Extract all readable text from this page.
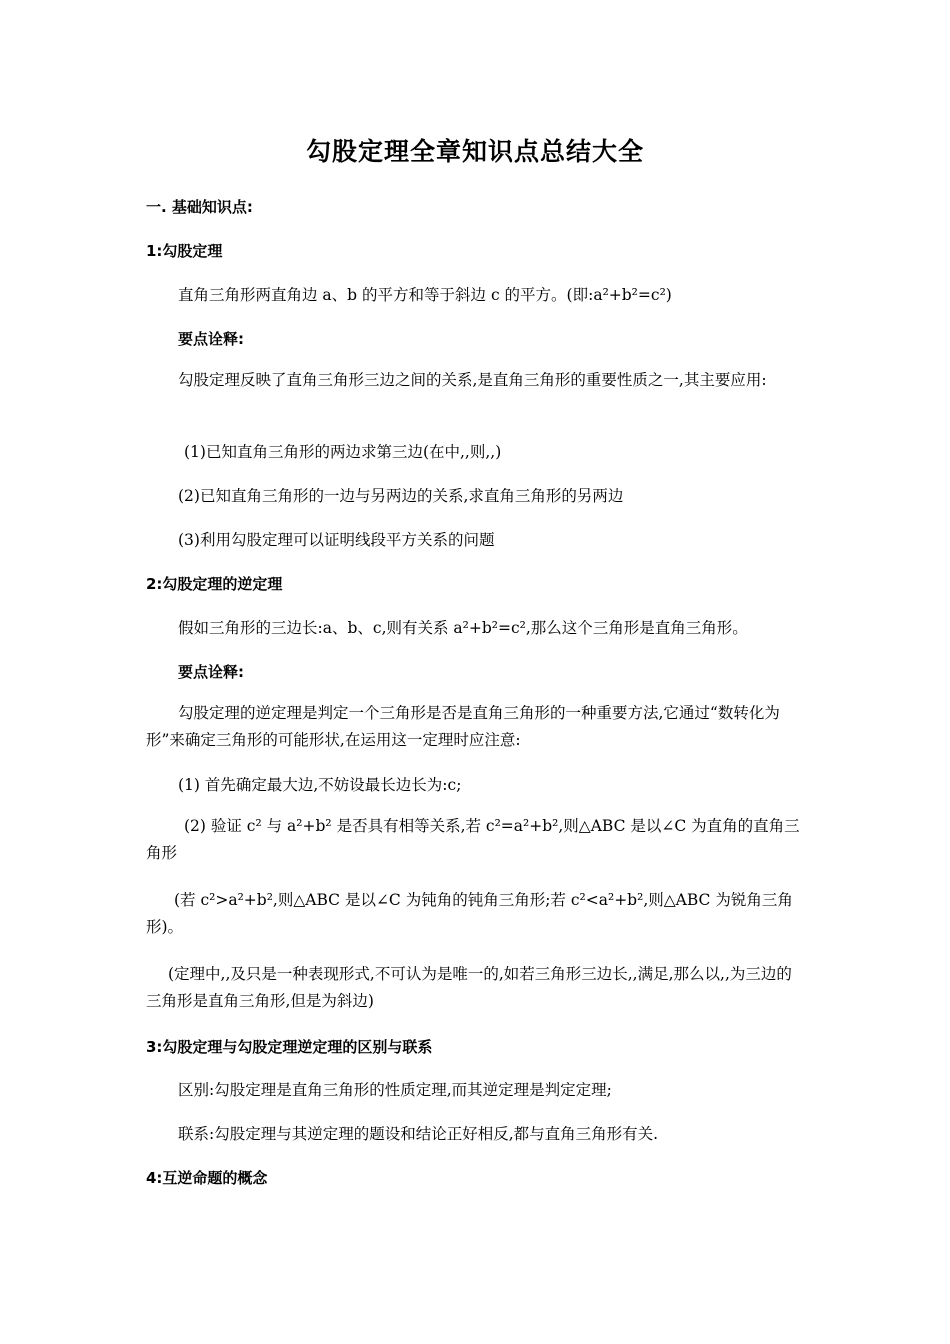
勾股定理全章知识点总结大全
一. 基础知识点:
1:勾股定理
直角三角形两直角边 a、b 的平方和等于斜边 c 的平方。(即:a²+b²=c²)
要点诠释:
勾股定理反映了直角三角形三边之间的关系,是直角三角形的重要性质之一,其主要应用:
(1)已知直角三角形的两边求第三边(在中,,则,,)
(2)已知直角三角形的一边与另两边的关系,求直角三角形的另两边
(3)利用勾股定理可以证明线段平方关系的问题
2:勾股定理的逆定理
假如三角形的三边长:a、b、c,则有关系 a²+b²=c²,那么这个三角形是直角三角形。
要点诠释:
勾股定理的逆定理是判定一个三角形是否是直角三角形的一种重要方法,它通过“数转化为形”来确定三角形的可能形状,在运用这一定理时应注意:
(1) 首先确定最大边,不妨设最长边长为:c;
(2) 验证 c² 与 a²+b² 是否具有相等关系,若 c²=a²+b²,则△ABC 是以∠C 为直角的直角三角形
(若 c²>a²+b²,则△ABC 是以∠C 为钝角的钝角三角形;若 c²<a²+b²,则△ABC 为锐角三角形)。
(定理中,,及只是一种表现形式,不可认为是唯一的,如若三角形三边长,,满足,那么以,,为三边的三角形是直角三角形,但是为斜边)
3:勾股定理与勾股定理逆定理的区别与联系
区别:勾股定理是直角三角形的性质定理,而其逆定理是判定定理;
联系:勾股定理与其逆定理的题设和结论正好相反,都与直角三角形有关.
4:互逆命题的概念
